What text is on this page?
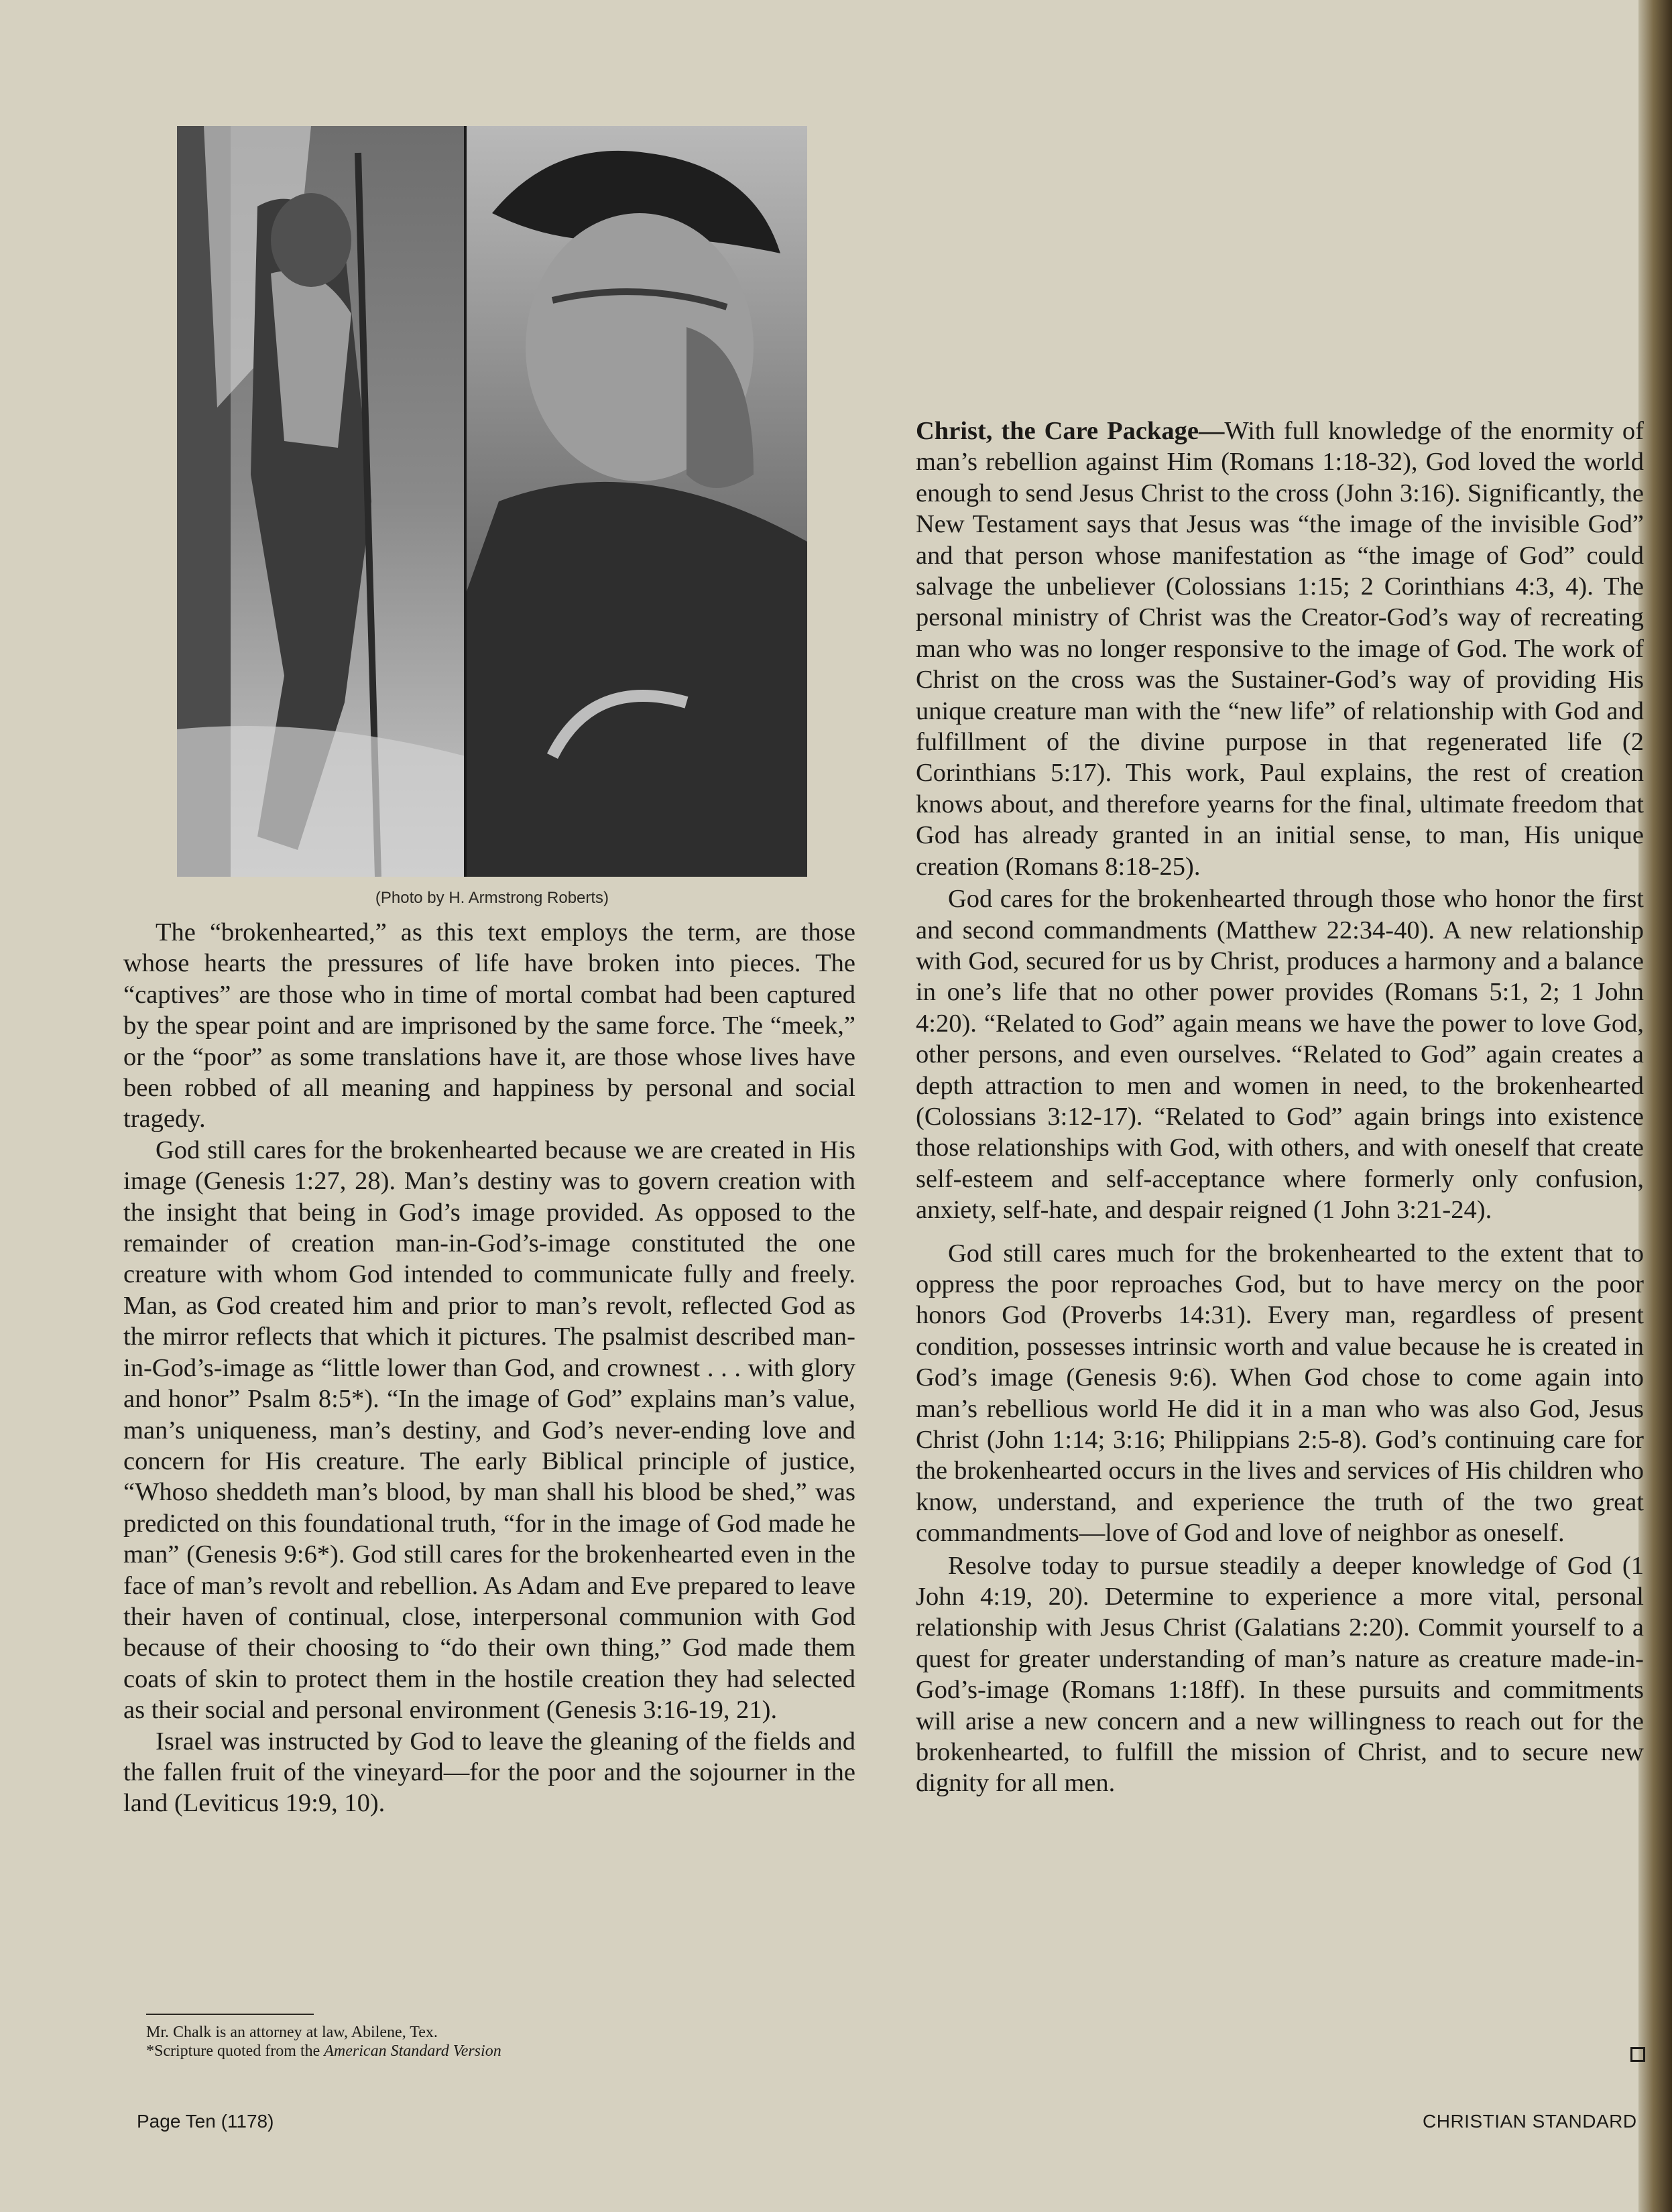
(Photo by H. Armstrong Roberts)

The “brokenhearted,” as this text employs the term, are those whose hearts the pressures of life have broken into pieces. The “captives” are those who in time of mortal combat had been captured by the spear point and are imprisoned by the same force. The “meek,” or the “poor” as some translations have it, are those whose lives have been robbed of all meaning and happiness by personal and social tragedy.

God still cares for the brokenhearted because we are created in His image (Genesis 1:27, 28). Man’s destiny was to govern creation with the insight that being in God’s image provided. As opposed to the remainder of creation man-in-God’s-image constituted the one creature with whom God intended to communicate fully and freely. Man, as God created him and prior to man’s revolt, reflected God as the mirror reflects that which it pictures. The psalmist described man-in-God’s-image as “little lower than God, and crownest . . . with glory and honor” Psalm 8:5*). “In the image of God” explains man’s value, man’s uniqueness, man’s destiny, and God’s never-ending love and concern for His creature. The early Biblical principle of justice, “Whoso sheddeth man’s blood, by man shall his blood be shed,” was predicted on this foundational truth, “for in the image of God made he man” (Genesis 9:6*). God still cares for the brokenhearted even in the face of man’s revolt and rebellion. As Adam and Eve prepared to leave their haven of continual, close, interpersonal communion with God because of their choosing to “do their own thing,” God made them coats of skin to protect them in the hostile creation they had selected as their social and personal environment (Genesis 3:16-19, 21).

Israel was instructed by God to leave the gleaning of the fields and the fallen fruit of the vineyard—for the poor and the sojourner in the land (Leviticus 19:9, 10).

Mr. Chalk is an attorney at law, Abilene, Tex.
*Scripture quoted from the American Standard Version

Christ, the Care Package—With full knowledge of the enormity of man’s rebellion against Him (Romans 1:18-32), God loved the world enough to send Jesus Christ to the cross (John 3:16). Significantly, the New Testament says that Jesus was “the image of the invisible God” and that person whose manifestation as “the image of God” could salvage the unbeliever (Colossians 1:15; 2 Corinthians 4:3, 4). The personal ministry of Christ was the Creator-God’s way of recreating man who was no longer responsive to the image of God. The work of Christ on the cross was the Sustainer-God’s way of providing His unique creature man with the “new life” of relationship with God and fulfillment of the divine purpose in that regenerated life (2 Corinthians 5:17). This work, Paul explains, the rest of creation knows about, and therefore yearns for the final, ultimate freedom that God has already granted in an initial sense, to man, His unique creation (Romans 8:18-25).

God cares for the brokenhearted through those who honor the first and second commandments (Matthew 22:34-40). A new relationship with God, secured for us by Christ, produces a harmony and a balance in one’s life that no other power provides (Romans 5:1, 2; 1 John 4:20). “Related to God” again means we have the power to love God, other persons, and even ourselves. “Related to God” again creates a depth attraction to men and women in need, to the brokenhearted (Colossians 3:12-17). “Related to God” again brings into existence those relationships with God, with others, and with oneself that create self-esteem and self-acceptance where formerly only confusion, anxiety, self-hate, and despair reigned (1 John 3:21-24).

God still cares much for the brokenhearted to the extent that to oppress the poor reproaches God, but to have mercy on the poor honors God (Proverbs 14:31). Every man, regardless of present condition, possesses intrinsic worth and value because he is created in God’s image (Genesis 9:6). When God chose to come again into man’s rebellious world He did it in a man who was also God, Jesus Christ (John 1:14; 3:16; Philippians 2:5-8). God’s continuing care for the brokenhearted occurs in the lives and services of His children who know, understand, and experience the truth of the two great commandments—love of God and love of neighbor as oneself.

Resolve today to pursue steadily a deeper knowledge of God (1 John 4:19, 20). Determine to experience a more vital, personal relationship with Jesus Christ (Galatians 2:20). Commit yourself to a quest for greater understanding of man’s nature as creature made-in-God’s-image (Romans 1:18ff). In these pursuits and commitments will arise a new concern and a new willingness to reach out for the brokenhearted, to fulfill the mission of Christ, and to secure new dignity for all men.

Page Ten (1178)	CHRISTIAN STANDARD
